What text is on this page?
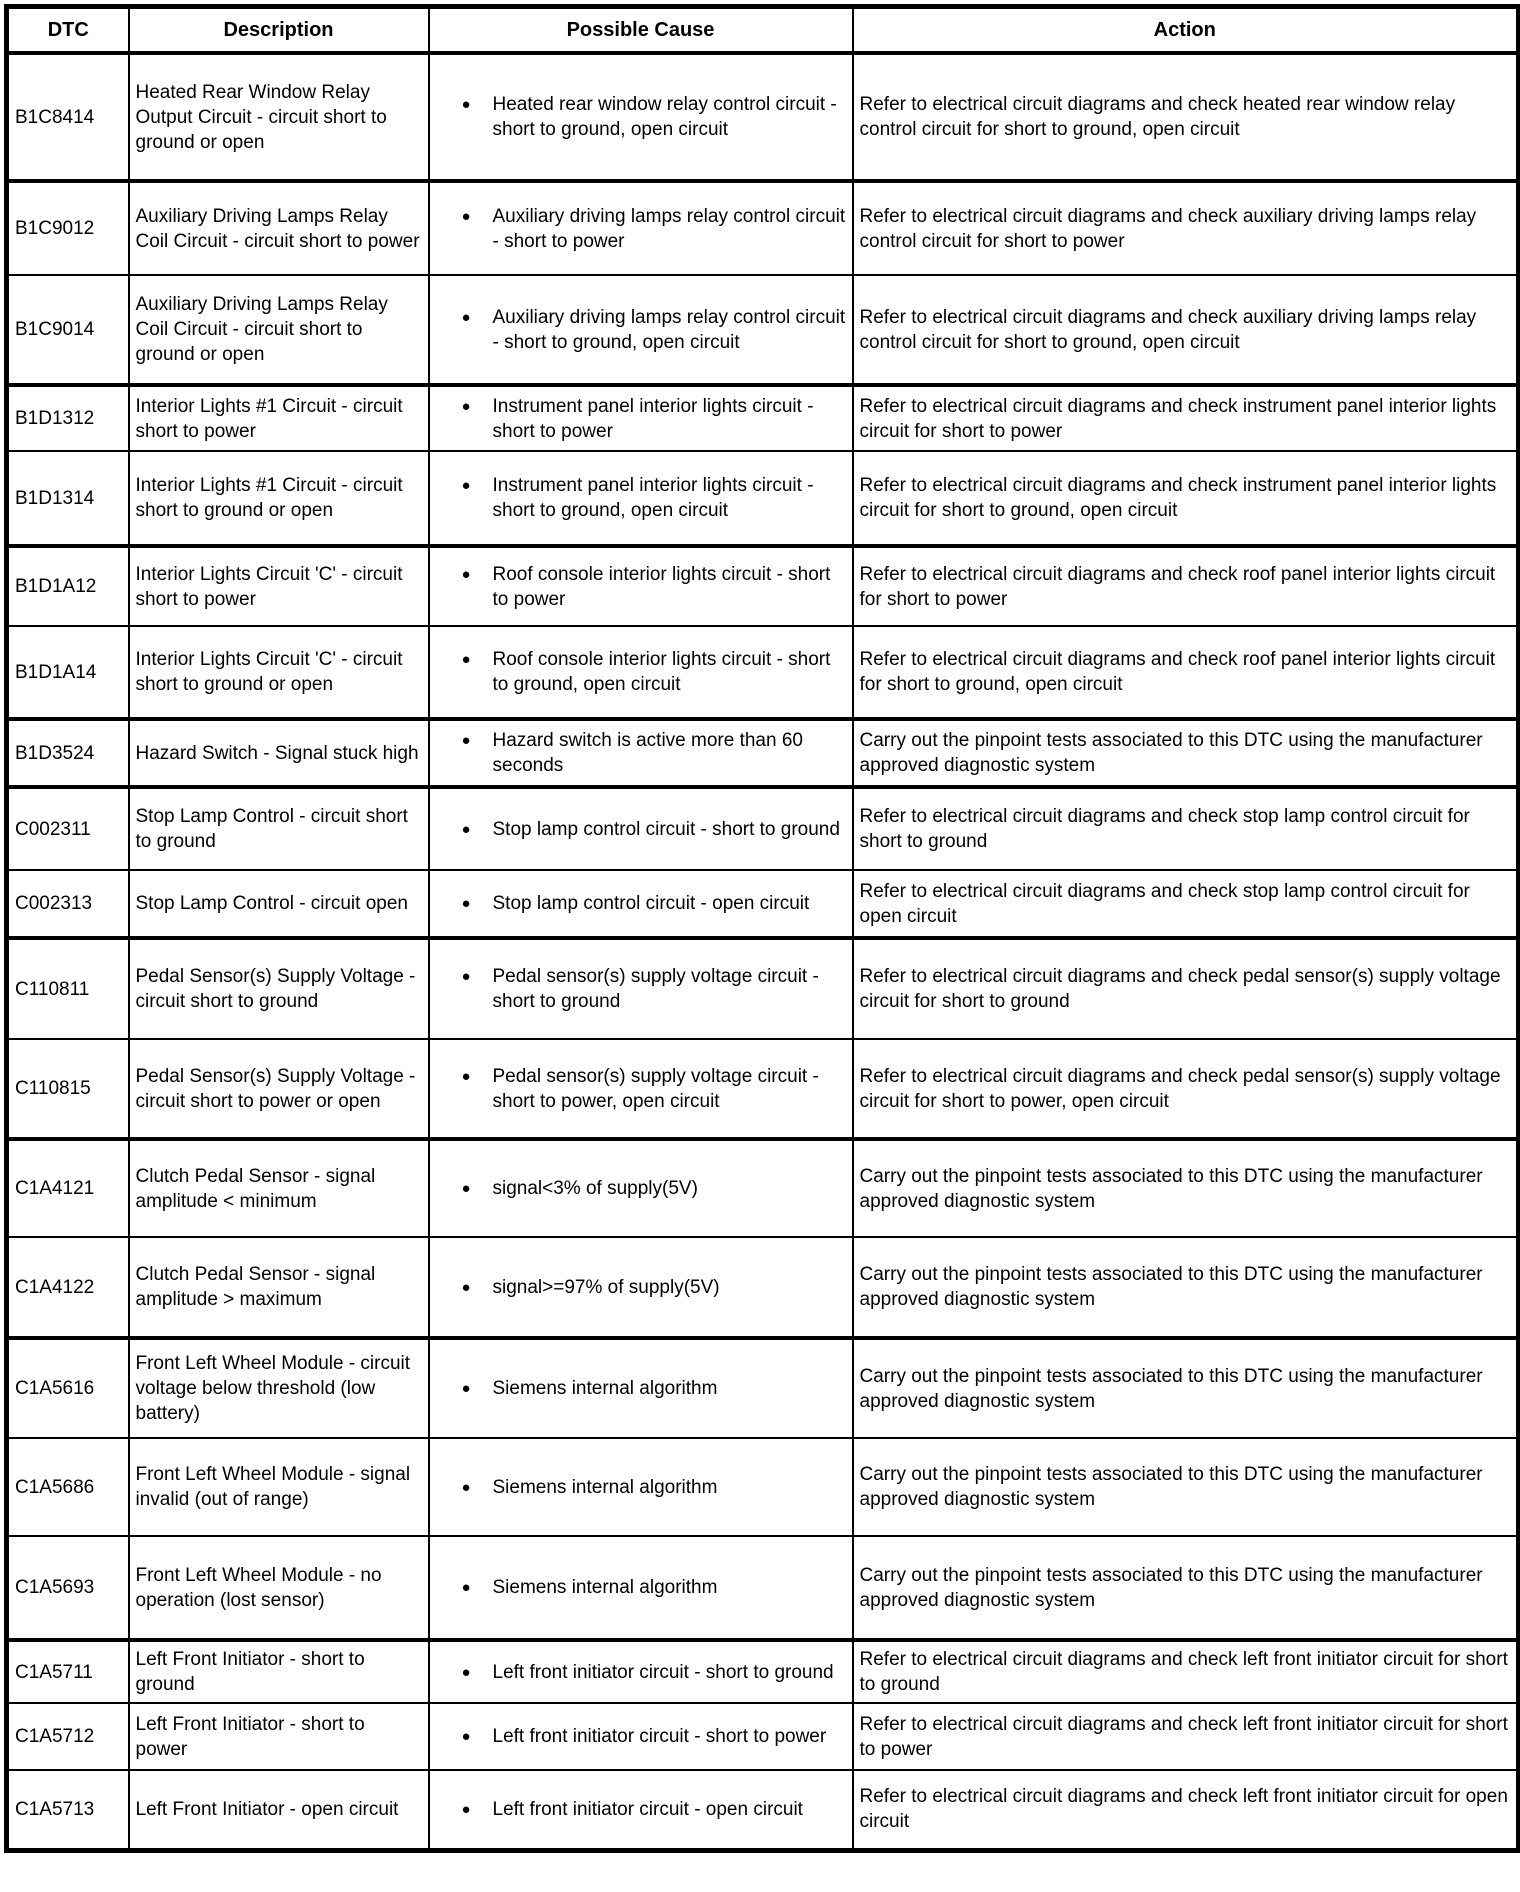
DTC	Description	Possible Cause	Action
B1C8414	Heated Rear Window Relay Output Circuit - circuit short to ground or open	● Heated rear window relay control circuit - short to ground, open circuit	Refer to electrical circuit diagrams and check heated rear window relay control circuit for short to ground, open circuit
B1C9012	Auxiliary Driving Lamps Relay Coil Circuit - circuit short to power	● Auxiliary driving lamps relay control circuit - short to power	Refer to electrical circuit diagrams and check auxiliary driving lamps relay control circuit for short to power
B1C9014	Auxiliary Driving Lamps Relay Coil Circuit - circuit short to ground or open	● Auxiliary driving lamps relay control circuit - short to ground, open circuit	Refer to electrical circuit diagrams and check auxiliary driving lamps relay control circuit for short to ground, open circuit
B1D1312	Interior Lights #1 Circuit - circuit short to power	● Instrument panel interior lights circuit - short to power	Refer to electrical circuit diagrams and check instrument panel interior lights circuit for short to power
B1D1314	Interior Lights #1 Circuit - circuit short to ground or open	● Instrument panel interior lights circuit - short to ground, open circuit	Refer to electrical circuit diagrams and check instrument panel interior lights circuit for short to ground, open circuit
B1D1A12	Interior Lights Circuit 'C' - circuit short to power	● Roof console interior lights circuit - short to power	Refer to electrical circuit diagrams and check roof panel interior lights circuit for short to power
B1D1A14	Interior Lights Circuit 'C' - circuit short to ground or open	● Roof console interior lights circuit - short to ground, open circuit	Refer to electrical circuit diagrams and check roof panel interior lights circuit for short to ground, open circuit
B1D3524	Hazard Switch - Signal stuck high	● Hazard switch is active more than 60 seconds	Carry out the pinpoint tests associated to this DTC using the manufacturer approved diagnostic system
C002311	Stop Lamp Control - circuit short to ground	● Stop lamp control circuit - short to ground	Refer to electrical circuit diagrams and check stop lamp control circuit for short to ground
C002313	Stop Lamp Control - circuit open	● Stop lamp control circuit - open circuit	Refer to electrical circuit diagrams and check stop lamp control circuit for open circuit
C110811	Pedal Sensor(s) Supply Voltage - circuit short to ground	● Pedal sensor(s) supply voltage circuit - short to ground	Refer to electrical circuit diagrams and check pedal sensor(s) supply voltage circuit for short to ground
C110815	Pedal Sensor(s) Supply Voltage - circuit short to power or open	● Pedal sensor(s) supply voltage circuit - short to power, open circuit	Refer to electrical circuit diagrams and check pedal sensor(s) supply voltage circuit for short to power, open circuit
C1A4121	Clutch Pedal Sensor - signal amplitude < minimum	● signal<3% of supply(5V)	Carry out the pinpoint tests associated to this DTC using the manufacturer approved diagnostic system
C1A4122	Clutch Pedal Sensor - signal amplitude > maximum	● signal>=97% of supply(5V)	Carry out the pinpoint tests associated to this DTC using the manufacturer approved diagnostic system
C1A5616	Front Left Wheel Module - circuit voltage below threshold (low battery)	● Siemens internal algorithm	Carry out the pinpoint tests associated to this DTC using the manufacturer approved diagnostic system
C1A5686	Front Left Wheel Module - signal invalid (out of range)	● Siemens internal algorithm	Carry out the pinpoint tests associated to this DTC using the manufacturer approved diagnostic system
C1A5693	Front Left Wheel Module - no operation (lost sensor)	● Siemens internal algorithm	Carry out the pinpoint tests associated to this DTC using the manufacturer approved diagnostic system
C1A5711	Left Front Initiator - short to ground	● Left front initiator circuit - short to ground	Refer to electrical circuit diagrams and check left front initiator circuit for short to ground
C1A5712	Left Front Initiator - short to power	● Left front initiator circuit - short to power	Refer to electrical circuit diagrams and check left front initiator circuit for short to power
C1A5713	Left Front Initiator - open circuit	● Left front initiator circuit - open circuit	Refer to electrical circuit diagrams and check left front initiator circuit for open circuit
